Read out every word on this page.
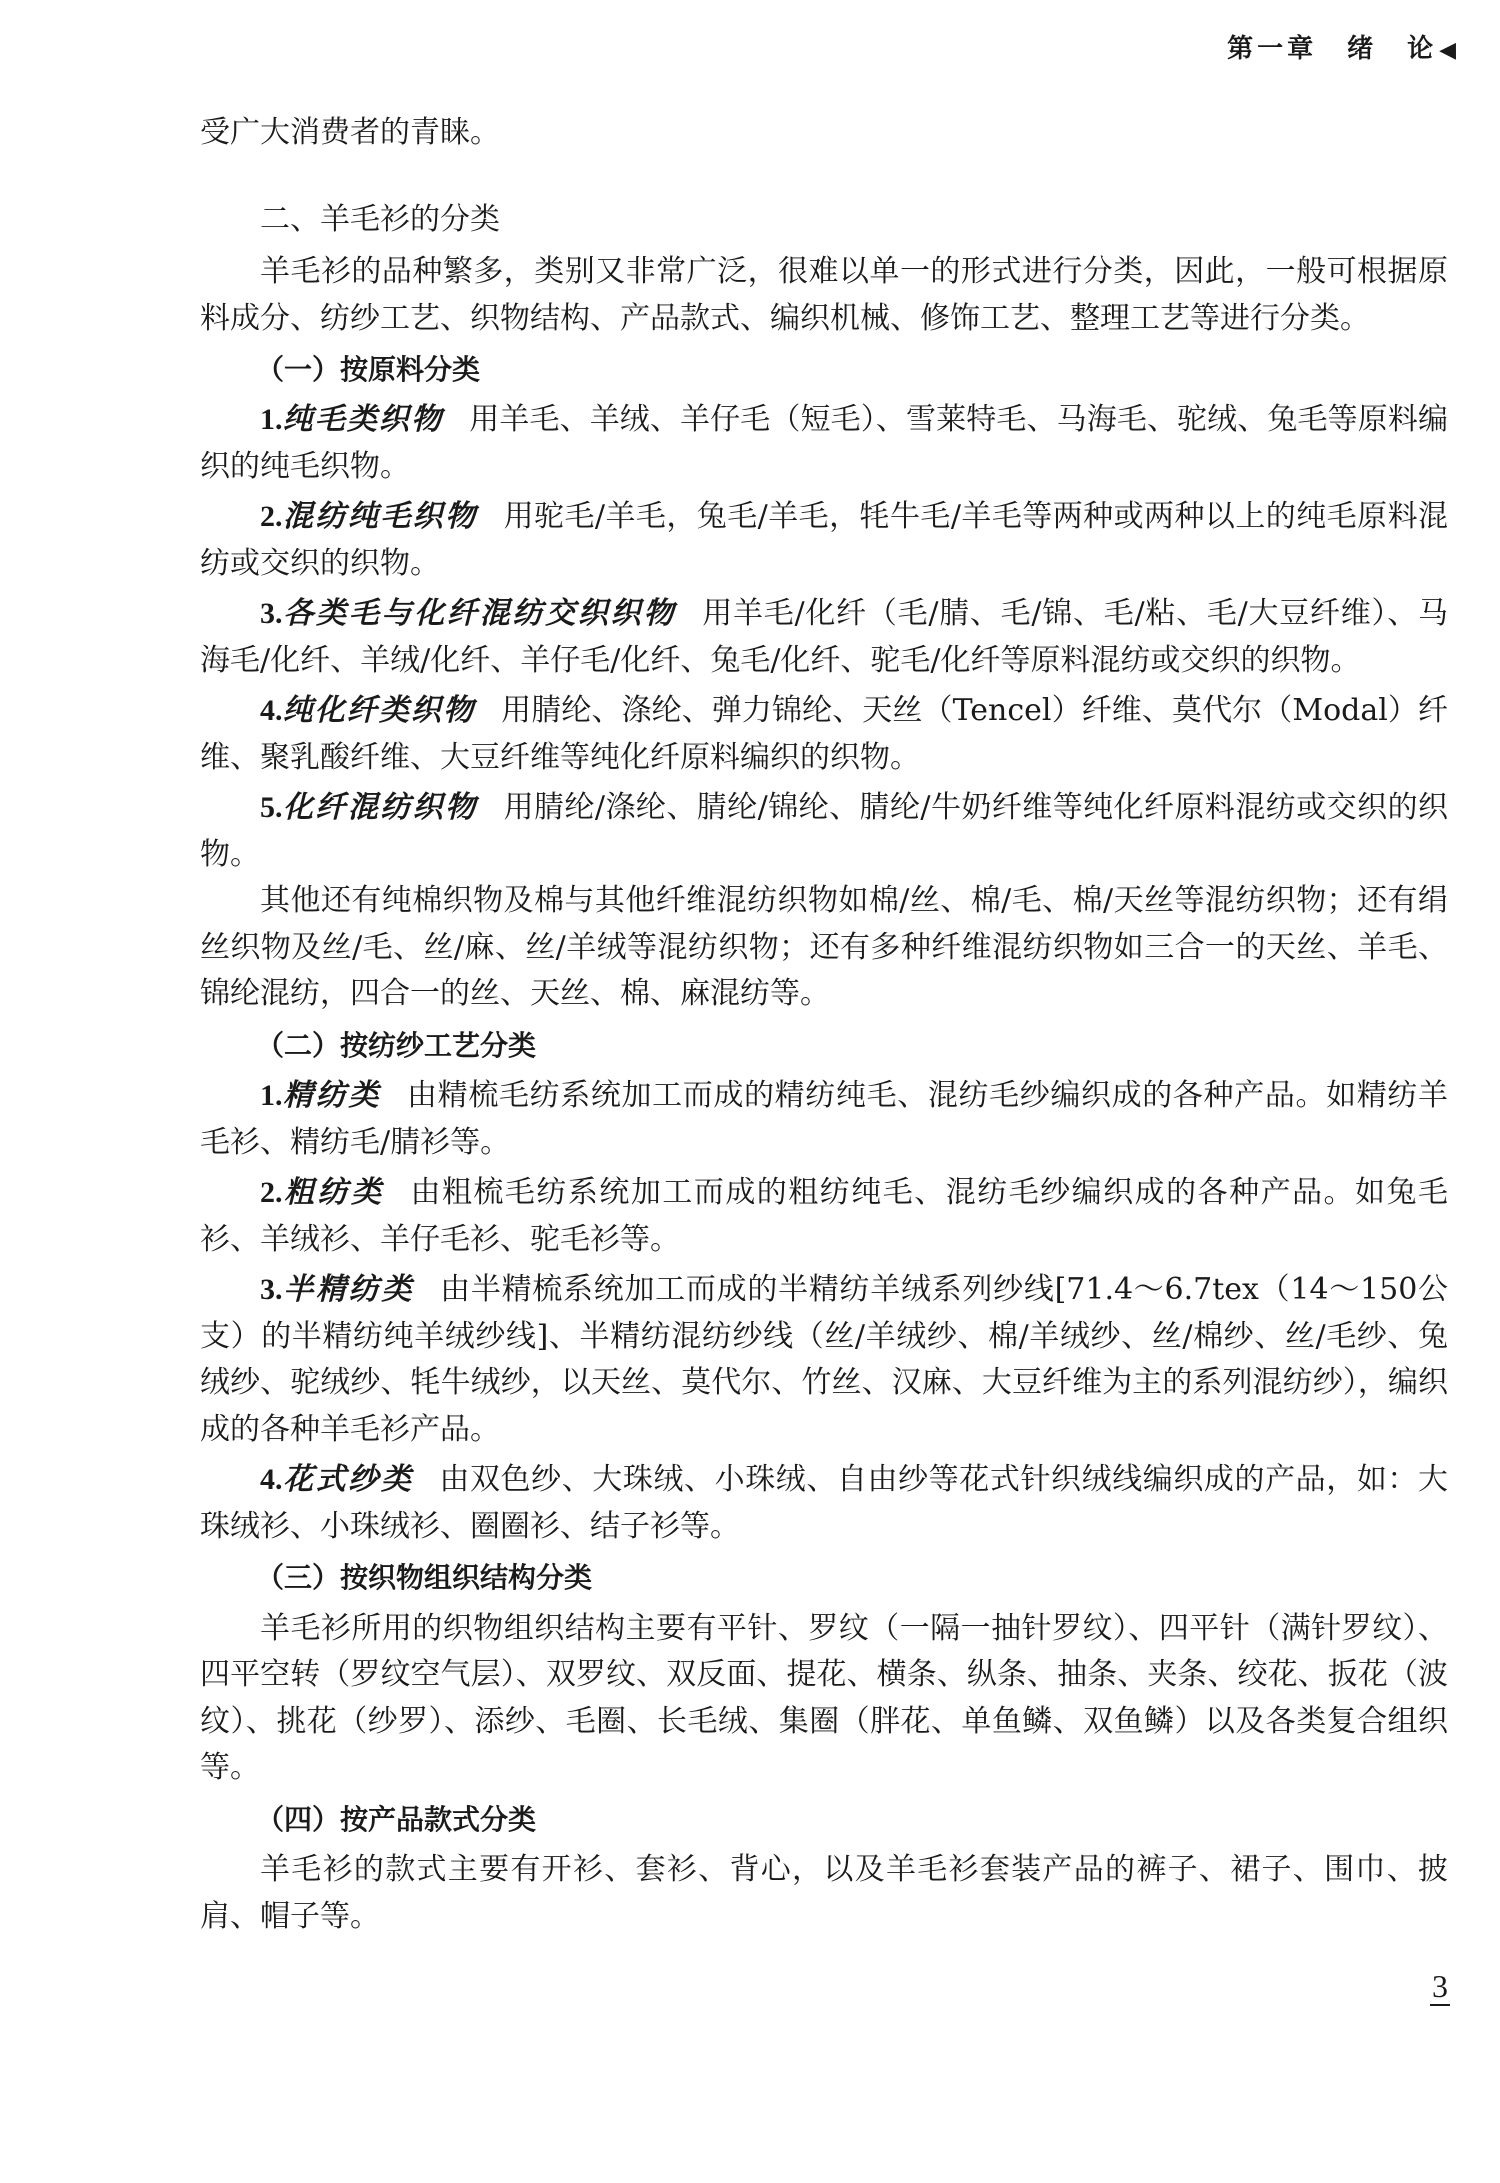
第一章　绪　论◀

受广大消费者的青睐。

二、羊毛衫的分类

羊毛衫的品种繁多，类别又非常广泛，很难以单一的形式进行分类，因此，一般可根据原料成分、纺纱工艺、织物结构、产品款式、编织机械、修饰工艺、整理工艺等进行分类。

（一）按原料分类

1.纯毛类织物 用羊毛、羊绒、羊仔毛（短毛）、雪莱特毛、马海毛、驼绒、兔毛等原料编织的纯毛织物。

2.混纺纯毛织物 用驼毛/羊毛，兔毛/羊毛，牦牛毛/羊毛等两种或两种以上的纯毛原料混纺或交织的织物。

3.各类毛与化纤混纺交织织物 用羊毛/化纤（毛/腈、毛/锦、毛/粘、毛/大豆纤维）、马海毛/化纤、羊绒/化纤、羊仔毛/化纤、兔毛/化纤、驼毛/化纤等原料混纺或交织的织物。

4.纯化纤类织物 用腈纶、涤纶、弹力锦纶、天丝（Tencel）纤维、莫代尔（Modal）纤维、聚乳酸纤维、大豆纤维等纯化纤原料编织的织物。

5.化纤混纺织物 用腈纶/涤纶、腈纶/锦纶、腈纶/牛奶纤维等纯化纤原料混纺或交织的织物。

其他还有纯棉织物及棉与其他纤维混纺织物如棉/丝、棉/毛、棉/天丝等混纺织物；还有绢丝织物及丝/毛、丝/麻、丝/羊绒等混纺织物；还有多种纤维混纺织物如三合一的天丝、羊毛、锦纶混纺，四合一的丝、天丝、棉、麻混纺等。

（二）按纺纱工艺分类

1.精纺类 由精梳毛纺系统加工而成的精纺纯毛、混纺毛纱编织成的各种产品。如精纺羊毛衫、精纺毛/腈衫等。

2.粗纺类 由粗梳毛纺系统加工而成的粗纺纯毛、混纺毛纱编织成的各种产品。如兔毛衫、羊绒衫、羊仔毛衫、驼毛衫等。

3.半精纺类 由半精梳系统加工而成的半精纺羊绒系列纱线[71.4～6.7tex（14～150公支）的半精纺纯羊绒纱线]、半精纺混纺纱线（丝/羊绒纱、棉/羊绒纱、丝/棉纱、丝/毛纱、兔绒纱、驼绒纱、牦牛绒纱，以天丝、莫代尔、竹丝、汉麻、大豆纤维为主的系列混纺纱），编织成的各种羊毛衫产品。

4.花式纱类 由双色纱、大珠绒、小珠绒、自由纱等花式针织绒线编织成的产品，如：大珠绒衫、小珠绒衫、圈圈衫、结子衫等。

（三）按织物组织结构分类

羊毛衫所用的织物组织结构主要有平针、罗纹（一隔一抽针罗纹）、四平针（满针罗纹）、四平空转（罗纹空气层）、双罗纹、双反面、提花、横条、纵条、抽条、夹条、绞花、扳花（波纹）、挑花（纱罗）、添纱、毛圈、长毛绒、集圈（胖花、单鱼鳞、双鱼鳞）以及各类复合组织等。

（四）按产品款式分类

羊毛衫的款式主要有开衫、套衫、背心，以及羊毛衫套装产品的裤子、裙子、围巾、披肩、帽子等。

3
